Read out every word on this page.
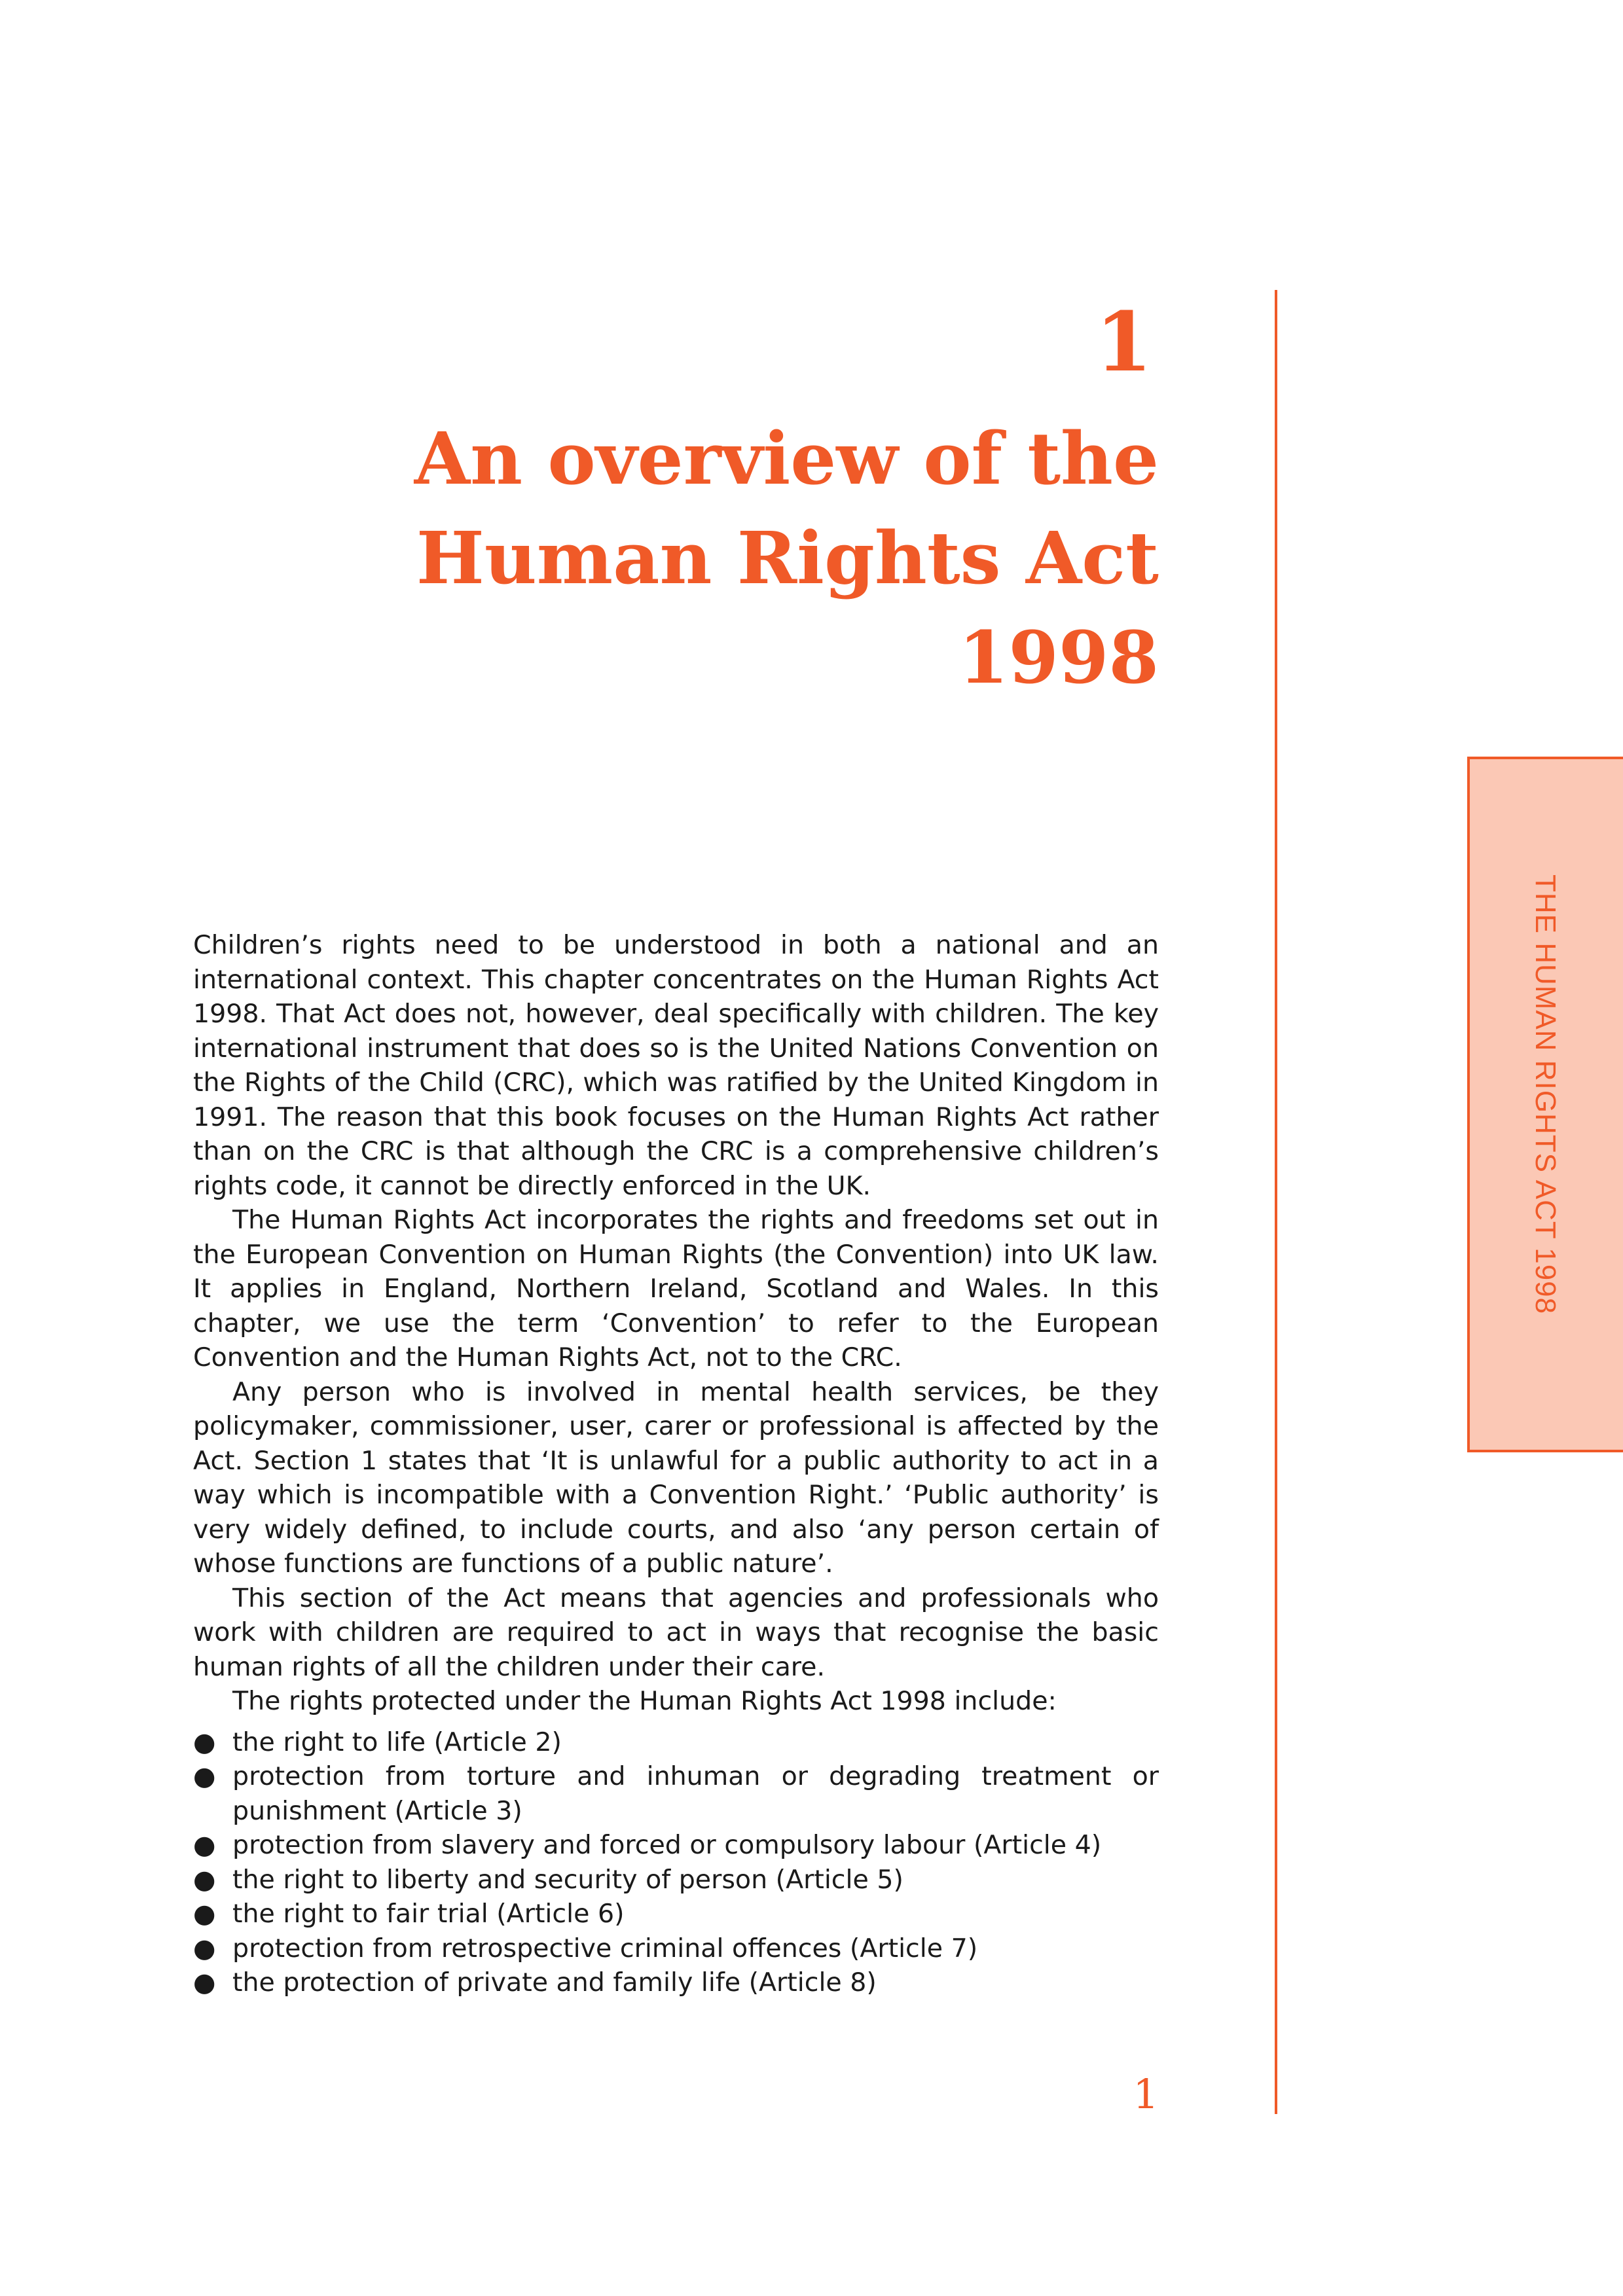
THE HUMAN RIGHTS ACT 1998
1
An overview of the
Human Rights Act
1998

Children’s rights need to be understood in both a national and an international context. This chapter concentrates on the Human Rights Act 1998. That Act does not, however, deal specifically with children. The key international instrument that does so is the United Nations Convention on the Rights of the Child (CRC), which was ratified by the United Kingdom in 1991. The reason that this book focuses on the Human Rights Act rather than on the CRC is that although the CRC is a comprehensive children’s rights code, it cannot be directly enforced in the UK.

The Human Rights Act incorporates the rights and freedoms set out in the European Convention on Human Rights (the Convention) into UK law. It applies in England, Northern Ireland, Scotland and Wales. In this chapter, we use the term ‘Convention’ to refer to the European Convention and the Human Rights Act, not to the CRC.

Any person who is involved in mental health services, be they policymaker, commissioner, user, carer or professional is affected by the Act. Section 1 states that ‘It is unlawful for a public authority to act in a way which is incompatible with a Convention Right.’ ‘Public authority’ is very widely defined, to include courts, and also ‘any person certain of whose functions are functions of a public nature’.

This section of the Act means that agencies and professionals who work with children are required to act in ways that recognise the basic human rights of all the children under their care.

The rights protected under the Human Rights Act 1998 include:

● the right to life (Article 2)
● protection from torture and inhuman or degrading treatment or punishment (Article 3)
● protection from slavery and forced or compulsory labour (Article 4)
● the right to liberty and security of person (Article 5)
● the right to fair trial (Article 6)
● protection from retrospective criminal offences (Article 7)
● the protection of private and family life (Article 8)
1
